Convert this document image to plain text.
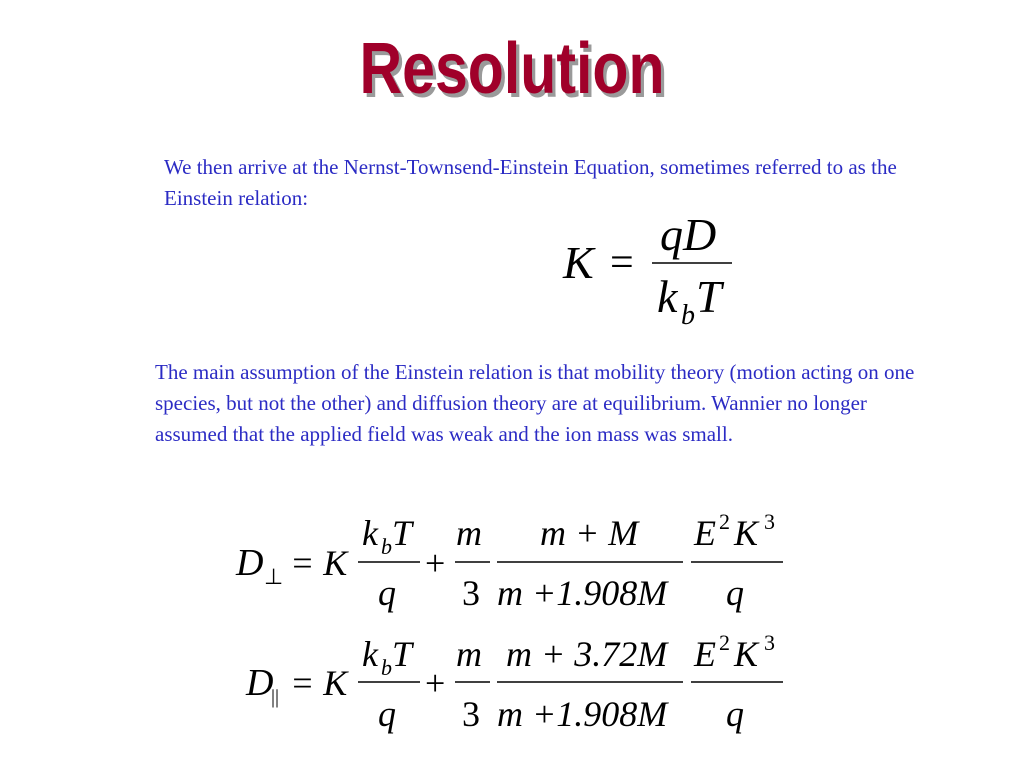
Resolution

We then arrive at the Nernst-Townsend-Einstein Equation, sometimes referred to as the Einstein relation:

K =
qD
k b T

The main assumption of the Einstein relation is that mobility theory (motion acting on one species, but not the other) and diffusion theory are at equilibrium. Wannier no longer assumed that the applied field was weak and the ion mass was small.

D ⊥ = K
k b T
q
+
m
3
m + M
m +1.908M
E 2 K 3
q
D
|| = K
k b T
q
+
m
3
m + 3.72M
m +1.908M
E 2 K 3
q
